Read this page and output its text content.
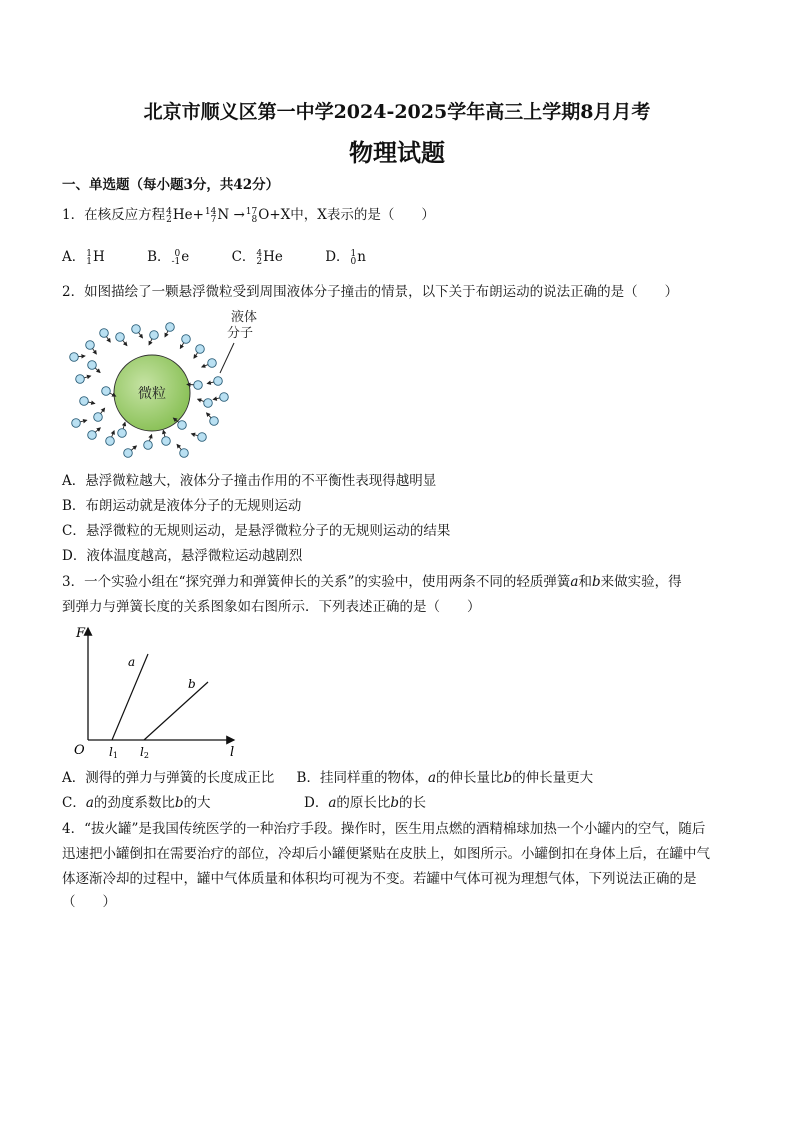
北京市顺义区第一中学2024-2025学年高三上学期8月月考
物理试题
一、单选题（每小题3分，共42分）
1．在核反应方程 4
2 He+ 14
7 N → 17
8 O+X中，X表示的是（　　）
A． 1
1 H	B． 0
-1 e	C． 4
2 He	D． 1
0 n
2．如图描绘了一颗悬浮微粒受到周围液体分子撞击的情景，以下关于布朗运动的说法正确的是（　　）
微粒
液体
分子
A．悬浮微粒越大，液体分子撞击作用的不平衡性表现得越明显
B．布朗运动就是液体分子的无规则运动
C．悬浮微粒的无规则运动，是悬浮微粒分子的无规则运动的结果
D．液体温度越高，悬浮微粒运动越剧烈
3．一个实验小组在“探究弹力和弹簧伸长的关系”的实验中，使用两条不同的轻质弹簧a和b来做实验，得
到弹力与弹簧长度的关系图象如右图所示．下列表述正确的是（　　）
F
l
O
a
b
l1 l2
A．测得的弹力与弹簧的长度成正比 B．挂同样重的物体，a的伸长量比b的伸长量更大
C．a的劲度系数比b的大	D．a的原长比b的长
4．“拔火罐”是我国传统医学的一种治疗手段。操作时，医生用点燃的酒精棉球加热一个小罐内的空气，随后
迅速把小罐倒扣在需要治疗的部位，冷却后小罐便紧贴在皮肤上，如图所示。小罐倒扣在身体上后，在罐中气
体逐渐冷却的过程中，罐中气体质量和体积均可视为不变。若罐中气体可视为理想气体，下列说法正确的是
（　　）
